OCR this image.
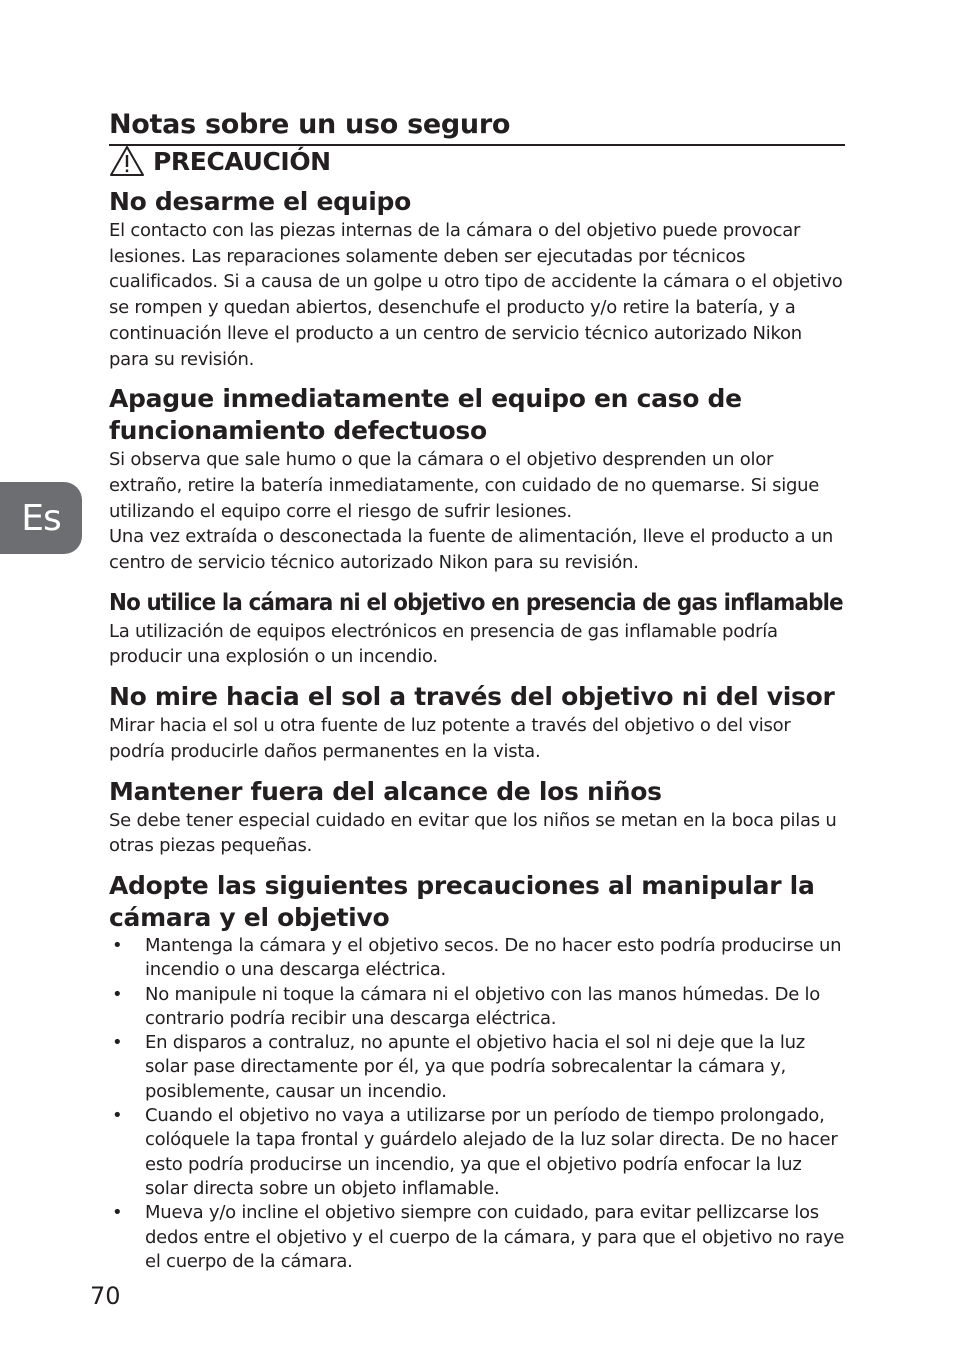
Notas sobre un uso seguro
PRECAUCIÓN
No desarme el equipo

El contacto con las piezas internas de la cámara o del objetivo puede provocar lesiones. Las reparaciones solamente deben ser ejecutadas por técnicos cualificados. Si a causa de un golpe u otro tipo de accidente la cámara o el objetivo se rompen y quedan abiertos, desenchufe el producto y/o retire la batería, y a continuación lleve el producto a un centro de servicio técnico autorizado Nikon para su revisión.

Apague inmediatamente el equipo en caso de funcionamiento defectuoso

Si observa que sale humo o que la cámara o el objetivo desprenden un olor extraño, retire la batería inmediatamente, con cuidado de no quemarse. Si sigue utilizando el equipo corre el riesgo de sufrir lesiones.

Una vez extraída o desconectada la fuente de alimentación, lleve el producto a un centro de servicio técnico autorizado Nikon para su revisión.

No utilice la cámara ni el objetivo en presencia de gas inflamable

La utilización de equipos electrónicos en presencia de gas inflamable podría producir una explosión o un incendio.

No mire hacia el sol a través del objetivo ni del visor

Mirar hacia el sol u otra fuente de luz potente a través del objetivo o del visor podría producirle daños permanentes en la vista.

Mantener fuera del alcance de los niños

Se debe tener especial cuidado en evitar que los niños se metan en la boca pilas u otras piezas pequeñas.

Adopte las siguientes precauciones al manipular la cámara y el objetivo
• Mantenga la cámara y el objetivo secos. De no hacer esto podría producirse un incendio o una descarga eléctrica.
• No manipule ni toque la cámara ni el objetivo con las manos húmedas. De lo contrario podría recibir una descarga eléctrica.
• En disparos a contraluz, no apunte el objetivo hacia el sol ni deje que la luz solar pase directamente por él, ya que podría sobrecalentar la cámara y, posiblemente, causar un incendio.
• Cuando el objetivo no vaya a utilizarse por un período de tiempo prolongado, colóquele la tapa frontal y guárdelo alejado de la luz solar directa. De no hacer esto podría producirse un incendio, ya que el objetivo podría enfocar la luz solar directa sobre un objeto inflamable.
• Mueva y/o incline el objetivo siempre con cuidado, para evitar pellizcarse los dedos entre el objetivo y el cuerpo de la cámara, y para que el objetivo no raye el cuerpo de la cámara.
Es
70
